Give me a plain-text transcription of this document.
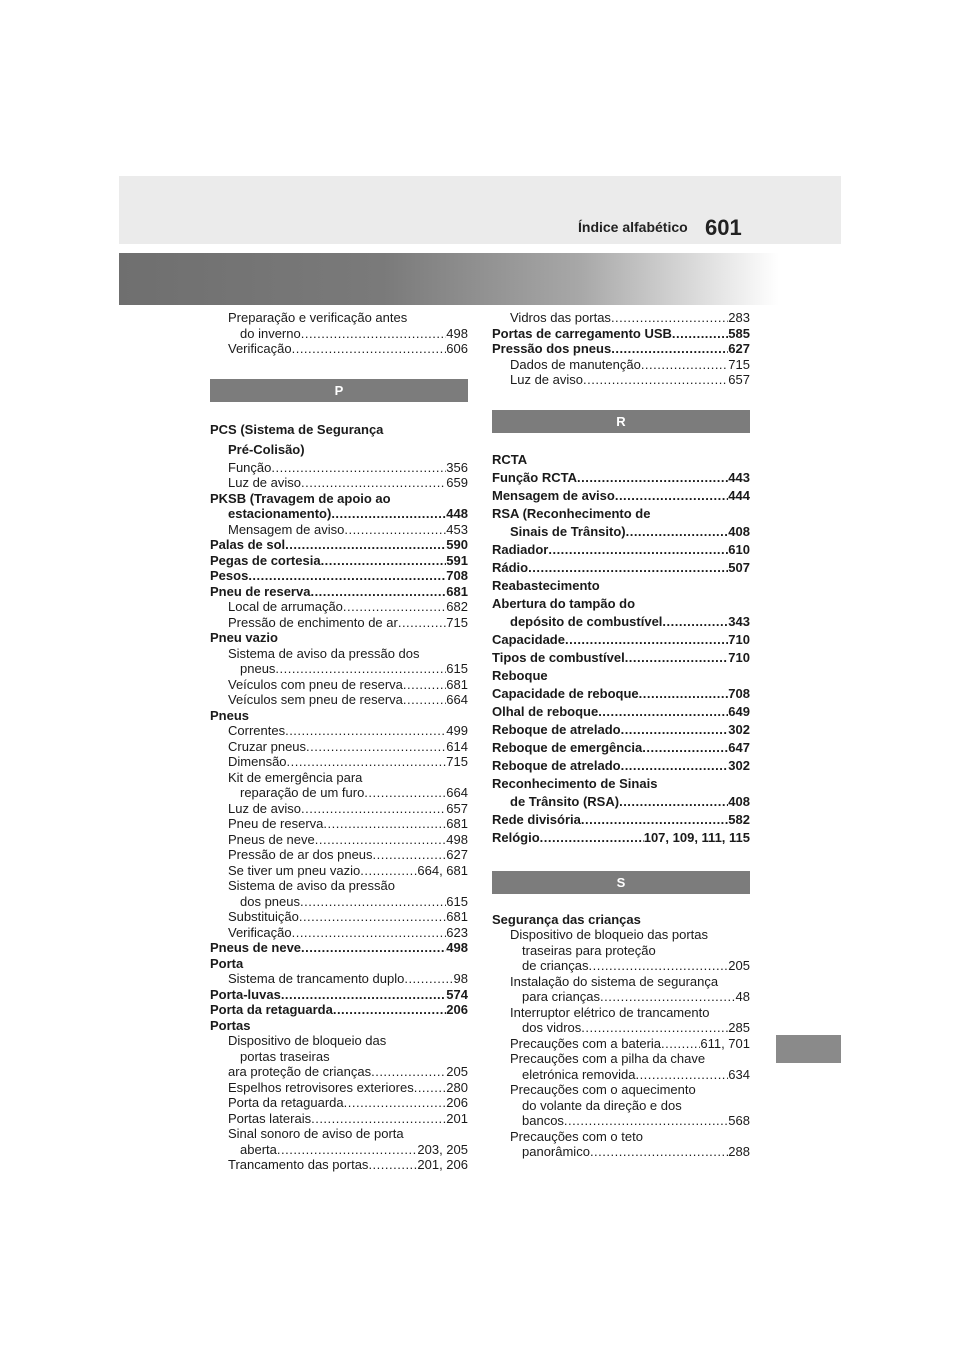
Índice alfabético 601
Preparação e verificação antes
do inverno .....	498
Verificação .....	606
P
PCS (Sistema de Segurança
Pré-Colisão)
Função .....	356
Luz de aviso .....	659
PKSB (Travagem de apoio ao
estacionamento) .....	448
Mensagem de aviso .....	453
Palas de sol .....	590
Pegas de cortesia .....	591
Pesos .....	708
Pneu de reserva .....	681
Local de arrumação .....	682
Pressão de enchimento de ar .....	715
Pneu vazio
Sistema de aviso da pressão dos
pneus .....	615
Veículos com pneu de reserva .....	681
Veículos sem pneu de reserva .....	664
Pneus
Correntes .....	499
Cruzar pneus .....	614
Dimensão .....	715
Kit de emergência para
reparação de um furo .....	664
Luz de aviso .....	657
Pneu de reserva .....	681
Pneus de neve .....	498
Pressão de ar dos pneus .....	627
Se tiver um pneu vazio .....	664, 681
Sistema de aviso da pressão
dos pneus .....	615
Substituição .....	681
Verificação .....	623
Pneus de neve .....	498
Porta
Sistema de trancamento duplo .....	98
Porta-luvas .....	574
Porta da retaguarda .....	206
Portas
Dispositivo de bloqueio das
portas traseiras
ara proteção de crianças .....	205
Espelhos retrovisores exteriores .....	280
Porta da retaguarda .....	206
Portas laterais .....	201
Sinal sonoro de aviso de porta
aberta .....	203, 205
Trancamento das portas .....	201, 206
Vidros das portas .....	283
Portas de carregamento USB .....	585
Pressão dos pneus .....	627
Dados de manutenção .....	715
Luz de aviso .....	657
R
RCTA
Função RCTA .....	443
Mensagem de aviso .....	444
RSA (Reconhecimento de
Sinais de Trânsito) .....	408
Radiador .....	610
Rádio .....	507
Reabastecimento
Abertura do tampão do
depósito de combustível .....	343
Capacidade .....	710
Tipos de combustível .....	710
Reboque
Capacidade de reboque .....	708
Olhal de reboque .....	649
Reboque de atrelado .....	302
Reboque de emergência .....	647
Reboque de atrelado .....	302
Reconhecimento de Sinais
de Trânsito (RSA) .....	408
Rede divisória .....	582
Relógio .....	107, 109, 111, 115
S
Segurança das crianças
Dispositivo de bloqueio das portas
traseiras para proteção
de crianças .....	205
Instalação do sistema de segurança
para crianças .....	48
Interruptor elétrico de trancamento
dos vidros .....	285
Precauções com a bateria .....	611, 701
Precauções com a pilha da chave
eletrónica removida .....	634
Precauções com o aquecimento
do volante da direção e dos
bancos .....	568
Precauções com o teto
panorâmico .....	288
